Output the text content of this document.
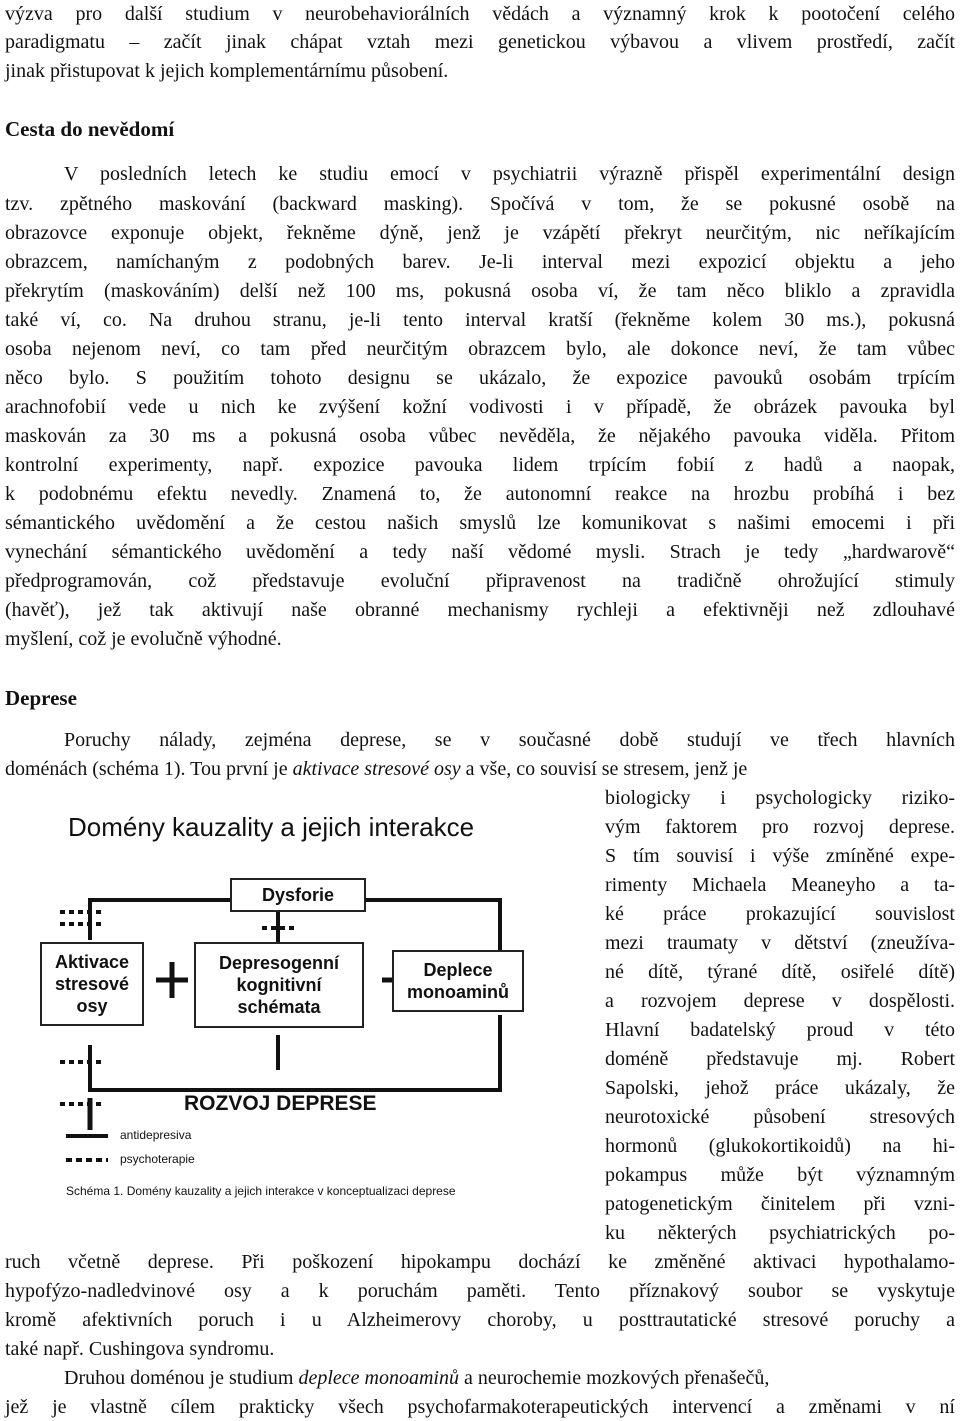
výzva pro další studium v neurobehaviorálních vědách a významný krok k pootočení celého
paradigmatu – začít jinak chápat vztah mezi genetickou výbavou a vlivem prostředí, začít
jinak přistupovat k jejich komplementárnímu působení.
Cesta do nevědomí
V posledních letech ke studiu emocí v psychiatrii výrazně přispěl experimentální design
tzv. zpětného maskování (backward masking). Spočívá v tom, že se pokusné osobě na
obrazovce exponuje objekt, řekněme dýně, jenž je vzápětí překryt neurčitým, nic neříkajícím
obrazcem, namíchaným z podobných barev. Je-li interval mezi expozicí objektu a jeho
překrytím (maskováním) delší než 100 ms, pokusná osoba ví, že tam něco bliklo a zpravidla
také ví, co. Na druhou stranu, je-li tento interval kratší (řekněme kolem 30 ms.), pokusná
osoba nejenom neví, co tam před neurčitým obrazcem bylo, ale dokonce neví, že tam vůbec
něco bylo. S použitím tohoto designu se ukázalo, že expozice pavouků osobám trpícím
arachnofobií vede u nich ke zvýšení kožní vodivosti i v případě, že obrázek pavouka byl
maskován za 30 ms a pokusná osoba vůbec nevěděla, že nějakého pavouka viděla. Přitom
kontrolní experimenty, např. expozice pavouka lidem trpícím fobií z hadů a naopak,
k podobnému efektu nevedly. Znamená to, že autonomní reakce na hrozbu probíhá i bez
sémantického uvědomění a že cestou našich smyslů lze komunikovat s našimi emocemi i při
vynechání sémantického uvědomění a tedy naší vědomé mysli. Strach je tedy „hardwarově“
předprogramován, což představuje evoluční připravenost na tradičně ohrožující stimuly
(havěť), jež tak aktivují naše obranné mechanismy rychleji a efektivněji než zdlouhavé
myšlení, což je evolučně výhodné.
Deprese
Poruchy nálady, zejména deprese, se v současné době studují ve třech hlavních
doménách (schéma 1). Tou první je aktivace stresové osy a vše, co souvisí se stresem, jenž je
biologicky i psychologicky riziko-
vým faktorem pro rozvoj deprese.
S tím souvisí i výše zmíněné expe-
rimenty Michaela Meaneyho a ta-
ké práce prokazující souvislost
mezi traumaty v dětství (zneužíva-
né dítě, týrané dítě, osiřelé dítě)
a rozvojem deprese v dospělosti.
Hlavní badatelský proud v této
doméně představuje mj. Robert
Sapolski, jehož práce ukázaly, že
neurotoxické působení stresových
hormonů (glukokortikoidů) na hi-
pokampus může být významným
patogenetickým činitelem při vzni-
ku některých psychiatrických po-
ruch včetně deprese. Při poškození hipokampu dochází ke změněné aktivaci hypothalamo-
hypofýzo-nadledvinové osy a k poruchám paměti. Tento příznakový soubor se vyskytuje
kromě afektivních poruch i u Alzheimerovy choroby, u posttrautatické stresové poruchy a
také např. Cushingova syndromu.
Druhou doménou je studium deplece monoaminů a neurochemie mozkových přenašečů,
jež je vlastně cílem prakticky všech psychofarmakoterapeutických intervencí a změnami v ní
Domény kauzality a jejich interakce
Dysforie
Aktivace
stresové
osy
Depresogenní
kognitivní
schémata
Deplece
monoaminů
ROZVOJ DEPRESE
antidepresiva
psychoterapie
Schéma 1. Domény kauzality a jejich interakce v konceptualizaci deprese
